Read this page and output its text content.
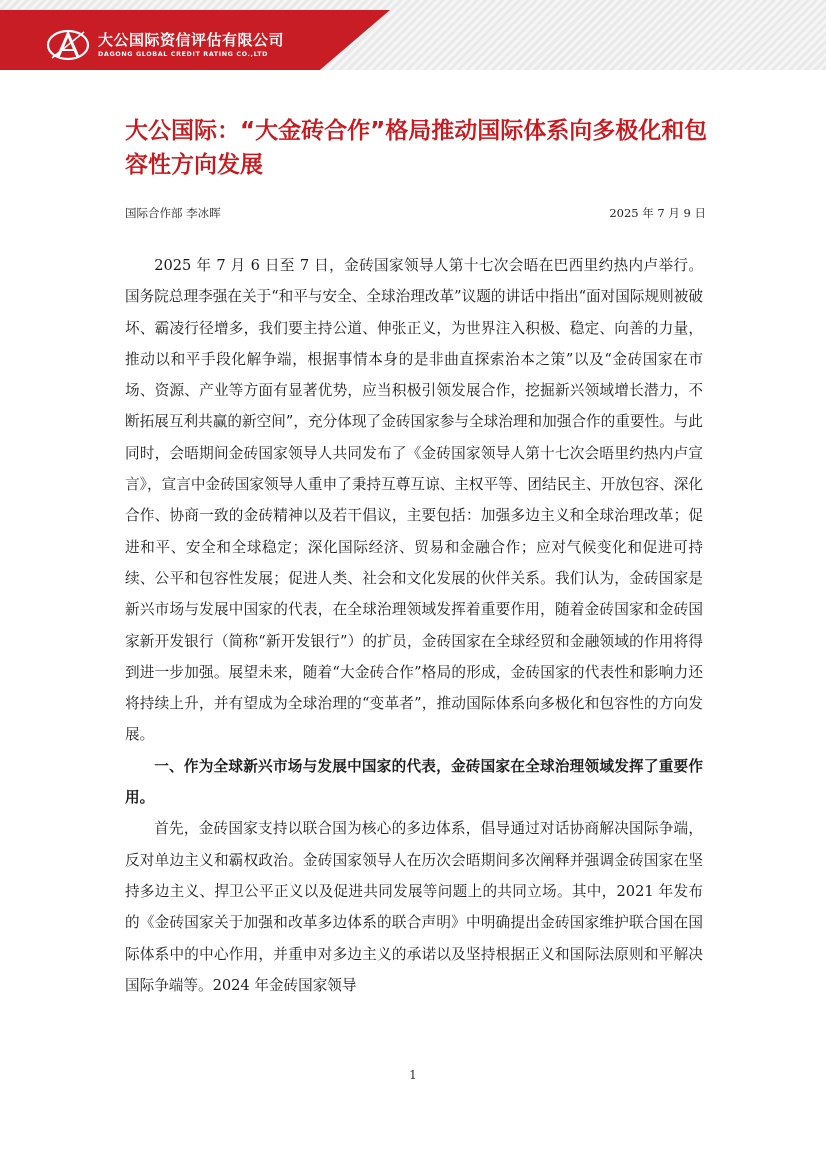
大公国际资信评估有限公司
DAGONG GLOBAL CREDIT RATING CO.,LTD
大公国际：“大金砖合作”格局推动国际体系向多极化和包容性方向发展
国际合作部 李冰晖	2025 年 7 月 9 日

2025 年 7 月 6 日至 7 日，金砖国家领导人第十七次会晤在巴西里约热内卢举行。国务院总理李强在关于“和平与安全、全球治理改革”议题的讲话中指出“面对国际规则被破坏、霸凌行径增多，我们要主持公道、伸张正义，为世界注入积极、稳定、向善的力量，推动以和平手段化解争端，根据事情本身的是非曲直探索治本之策”以及“金砖国家在市场、资源、产业等方面有显著优势，应当积极引领发展合作，挖掘新兴领域增长潜力，不断拓展互利共赢的新空间”，充分体现了金砖国家参与全球治理和加强合作的重要性。与此同时，会晤期间金砖国家领导人共同发布了《金砖国家领导人第十七次会晤里约热内卢宣言》，宣言中金砖国家领导人重申了秉持互尊互谅、主权平等、团结民主、开放包容、深化合作、协商一致的金砖精神以及若干倡议，主要包括：加强多边主义和全球治理改革；促进和平、安全和全球稳定；深化国际经济、贸易和金融合作；应对气候变化和促进可持续、公平和包容性发展；促进人类、社会和文化发展的伙伴关系。我们认为，金砖国家是新兴市场与发展中国家的代表，在全球治理领域发挥着重要作用，随着金砖国家和金砖国家新开发银行（简称“新开发银行”）的扩员，金砖国家在全球经贸和金融领域的作用将得到进一步加强。展望未来，随着“大金砖合作”格局的形成，金砖国家的代表性和影响力还将持续上升，并有望成为全球治理的“变革者”，推动国际体系向多极化和包容性的方向发展。

一、作为全球新兴市场与发展中国家的代表，金砖国家在全球治理领域发挥了重要作用。

首先，金砖国家支持以联合国为核心的多边体系，倡导通过对话协商解决国际争端，反对单边主义和霸权政治。金砖国家领导人在历次会晤期间多次阐释并强调金砖国家在坚持多边主义、捍卫公平正义以及促进共同发展等问题上的共同立场。其中，2021 年发布的《金砖国家关于加强和改革多边体系的联合声明》中明确提出金砖国家维护联合国在国际体系中的中心作用，并重申对多边主义的承诺以及坚持根据正义和国际法原则和平解决国际争端等。2024 年金砖国家领导

1
